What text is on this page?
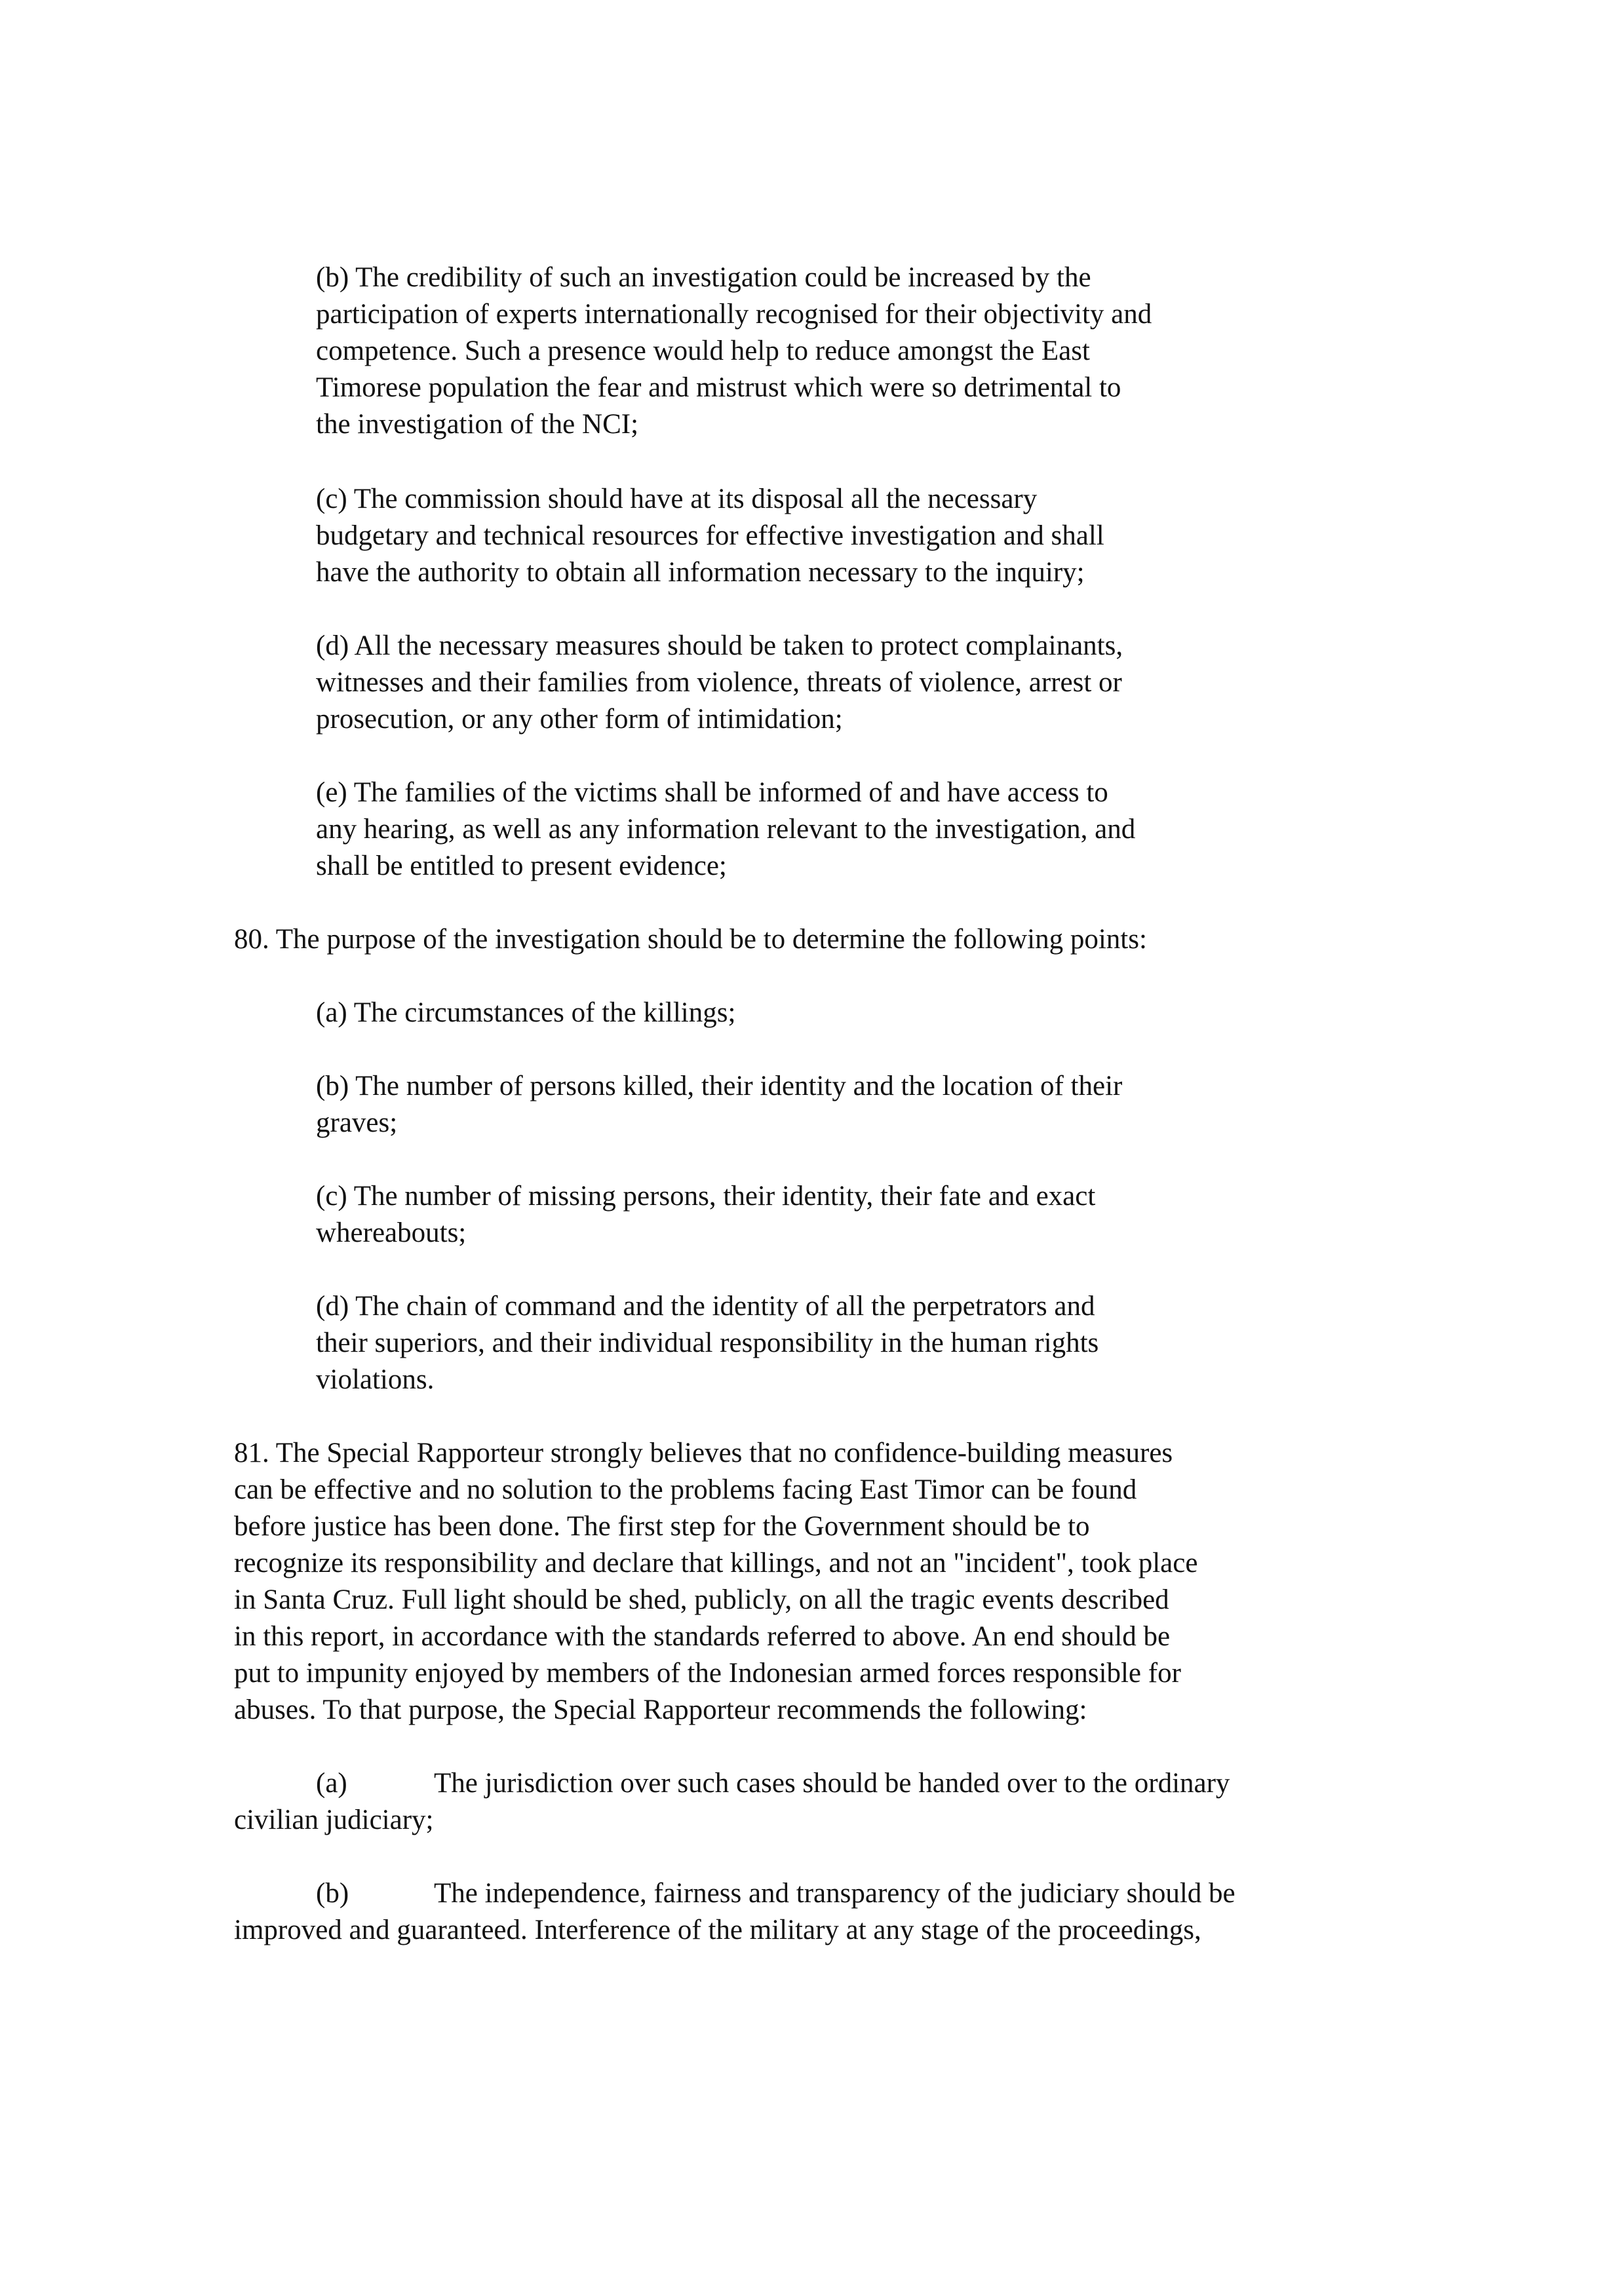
(b) The credibility of such an investigation could be increased by the
participation of experts internationally recognised for their objectivity and
competence. Such a presence would help to reduce amongst the East
Timorese population the fear and mistrust which were so detrimental to
the investigation of the NCI;
(c) The commission should have at its disposal all the necessary
budgetary and technical resources for effective investigation and shall
have the authority to obtain all information necessary to the inquiry;
(d) All the necessary measures should be taken to protect complainants,
witnesses and their families from violence, threats of violence, arrest or
prosecution, or any other form of intimidation;
(e) The families of the victims shall be informed of and have access to
any hearing, as well as any information relevant to the investigation, and
shall be entitled to present evidence;
80. The purpose of the investigation should be to determine the following points:
(a) The circumstances of the killings;
(b) The number of persons killed, their identity and the location of their
graves;
(c) The number of missing persons, their identity, their fate and exact
whereabouts;
(d) The chain of command and the identity of all the perpetrators and
their superiors, and their individual responsibility in the human rights
violations.
81. The Special Rapporteur strongly believes that no confidence-building measures
can be effective and no solution to the problems facing East Timor can be found
before justice has been done. The first step for the Government should be to
recognize its responsibility and declare that killings, and not an "incident", took place
in Santa Cruz. Full light should be shed, publicly, on all the tragic events described
in this report, in accordance with the standards referred to above. An end should be
put to impunity enjoyed by members of the Indonesian armed forces responsible for
abuses. To that purpose, the Special Rapporteur recommends the following:
(a)	The jurisdiction over such cases should be handed over to the ordinary
civilian judiciary;
(b)	The independence, fairness and transparency of the judiciary should be
improved and guaranteed. Interference of the military at any stage of the proceedings,
